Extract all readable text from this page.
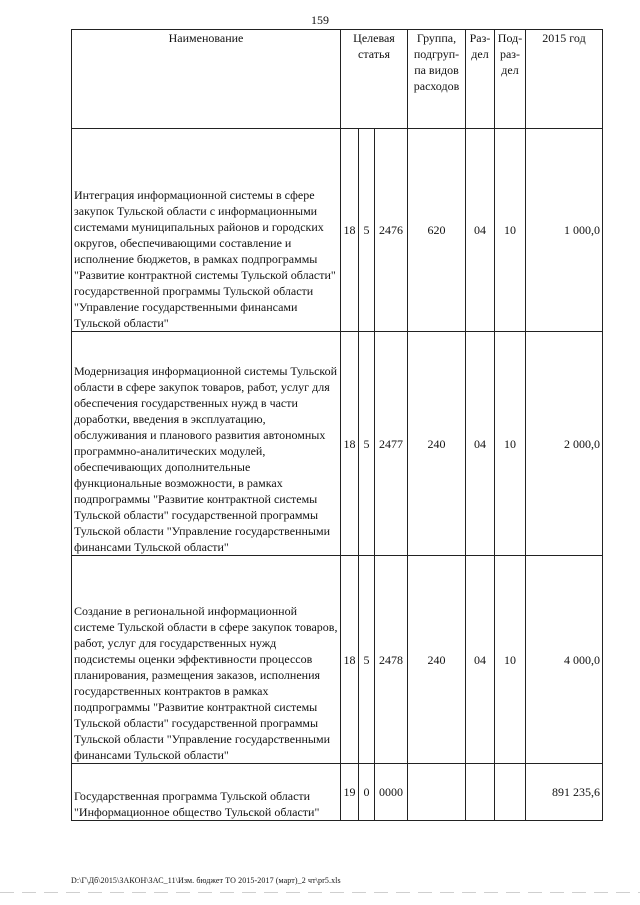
159
Наименование	Целевая статья			Группа, подгруп-па видов расходов	Раз-дел	Под-раз-дел	2015 год
Интеграция информационной системы в сфере закупок Тульской области с информационными системами муниципальных районов и городских округов, обеспечивающими составление и исполнение бюджетов, в рамках подпрограммы "Развитие контрактной системы Тульской области" государственной программы Тульской области "Управление государственными финансами Тульской области"	18	5	2476	620	04	10	1 000,0
Модернизация информационной системы Тульской области в сфере закупок товаров, работ, услуг для обеспечения государственных нужд в части доработки, введения в эксплуатацию, обслуживания и планового развития автономных программно-аналитических модулей, обеспечивающих дополнительные функциональные возможности, в рамках подпрограммы "Развитие контрактной системы Тульской области" государственной программы Тульской области "Управление государственными финансами Тульской области"	18	5	2477	240	04	10	2 000,0
Создание в региональной информационной системе Тульской области в сфере закупок товаров, работ, услуг для государственных нужд подсистемы оценки эффективности процессов планирования, размещения заказов, исполнения государственных контрактов в рамках подпрограммы "Развитие контрактной системы Тульской области" государственной программы Тульской области "Управление государственными финансами Тульской области"	18	5	2478	240	04	10	4 000,0
Государственная программа Тульской области "Информационное общество Тульской области"	19	0	0000				891 235,6
D:\Г\Дб\2015\ЗАКОН\ЗАС_11\Изм. бюджет ТО 2015-2017 (март)_2 чт\pr5.xls
